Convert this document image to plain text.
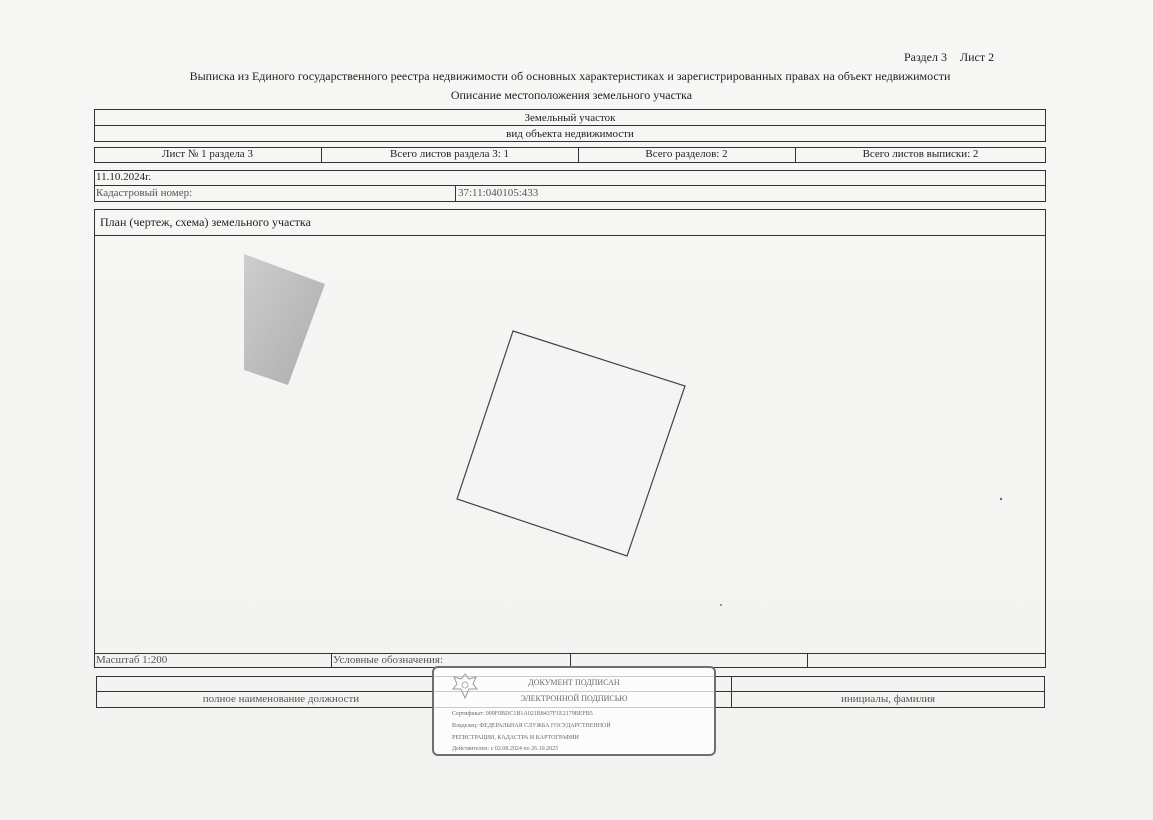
Раздел 3 Лист 2
Выписка из Единого государственного реестра недвижимости об основных характеристиках и зарегистрированных правах на объект недвижимости
Описание местоположения земельного участка
Земельный участок
вид объекта недвижимости
Лист № 1 раздела 3	Всего листов раздела 3: 1	Всего разделов: 2	Всего листов выписки: 2
11.10.2024г.
Кадастровый номер:	37:11:040105:433
План (чертеж, схема) земельного участка
Масштаб 1:200	Условные обозначения:
полное наименование должности	инициалы, фамилия
ДОКУМЕНТ ПОДПИСАН
ЭЛЕКТРОННОЙ ПОДПИСЬЮ
Сертификат: 009F0BDC1B1A021B8437F1E2179BEFB5
Владелец: ФЕДЕРАЛЬНАЯ СЛУЖБА ГОСУДАРСТВЕННОЙ
РЕГИСТРАЦИИ, КАДАСТРА И КАРТОГРАФИИ
Действителен: с 02.08.2024 по 26.10.2025
